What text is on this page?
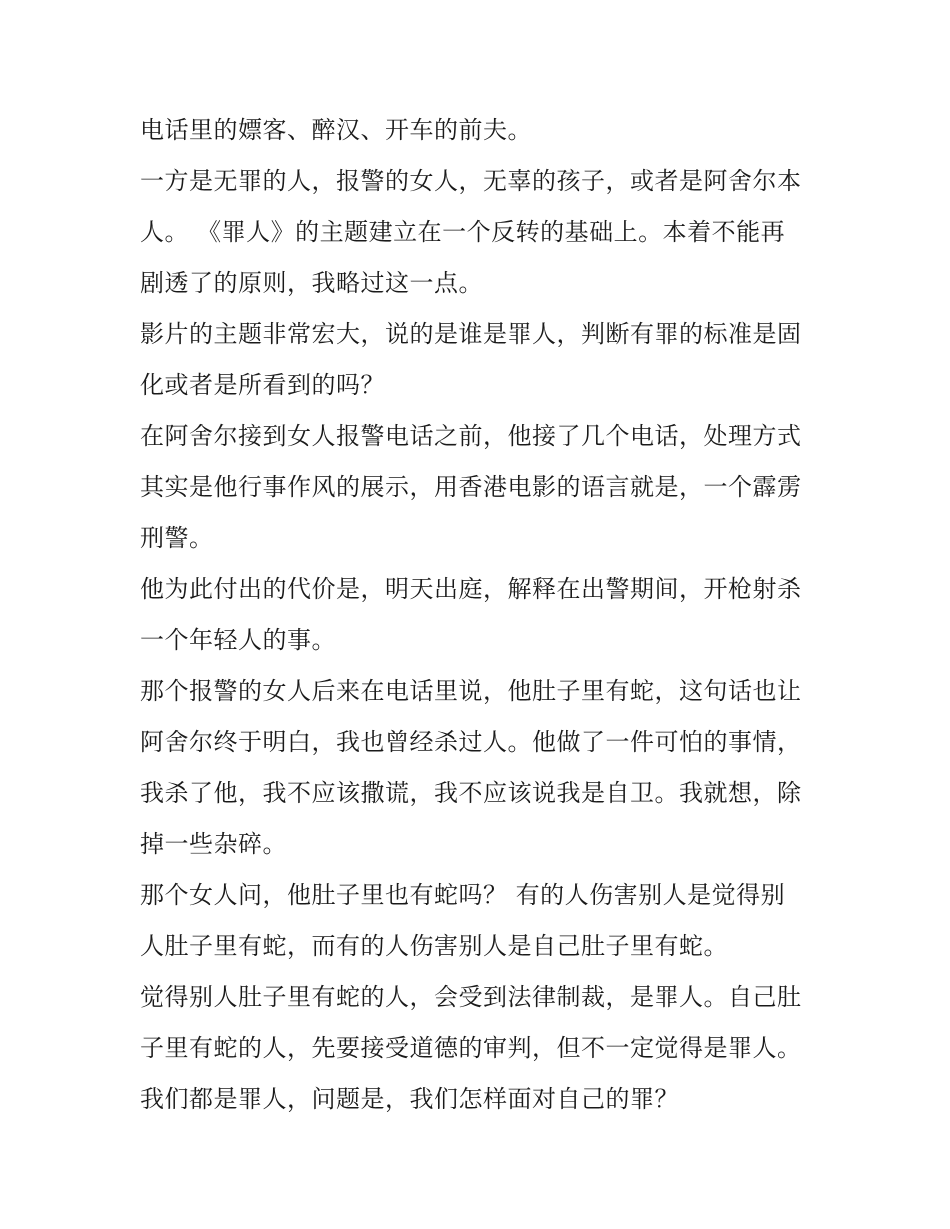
电话里的嫖客、醉汉、开车的前夫。
一方是无罪的人，报警的女人，无辜的孩子，或者是阿舍尔本
人。 《罪人》的主题建立在一个反转的基础上。本着不能再
剧透了的原则，我略过这一点。
影片的主题非常宏大，说的是谁是罪人，判断有罪的标准是固
化或者是所看到的吗？
在阿舍尔接到女人报警电话之前，他接了几个电话，处理方式
其实是他行事作风的展示，用香港电影的语言就是，一个霹雳
刑警。
他为此付出的代价是，明天出庭，解释在出警期间，开枪射杀
一个年轻人的事。
那个报警的女人后来在电话里说，他肚子里有蛇，这句话也让
阿舍尔终于明白，我也曾经杀过人。他做了一件可怕的事情，
我杀了他，我不应该撒谎，我不应该说我是自卫。我就想，除
掉一些杂碎。
那个女人问，他肚子里也有蛇吗？ 有的人伤害别人是觉得别
人肚子里有蛇，而有的人伤害别人是自己肚子里有蛇。
觉得别人肚子里有蛇的人，会受到法律制裁，是罪人。自己肚
子里有蛇的人，先要接受道德的审判，但不一定觉得是罪人。
我们都是罪人，问题是，我们怎样面对自己的罪？
